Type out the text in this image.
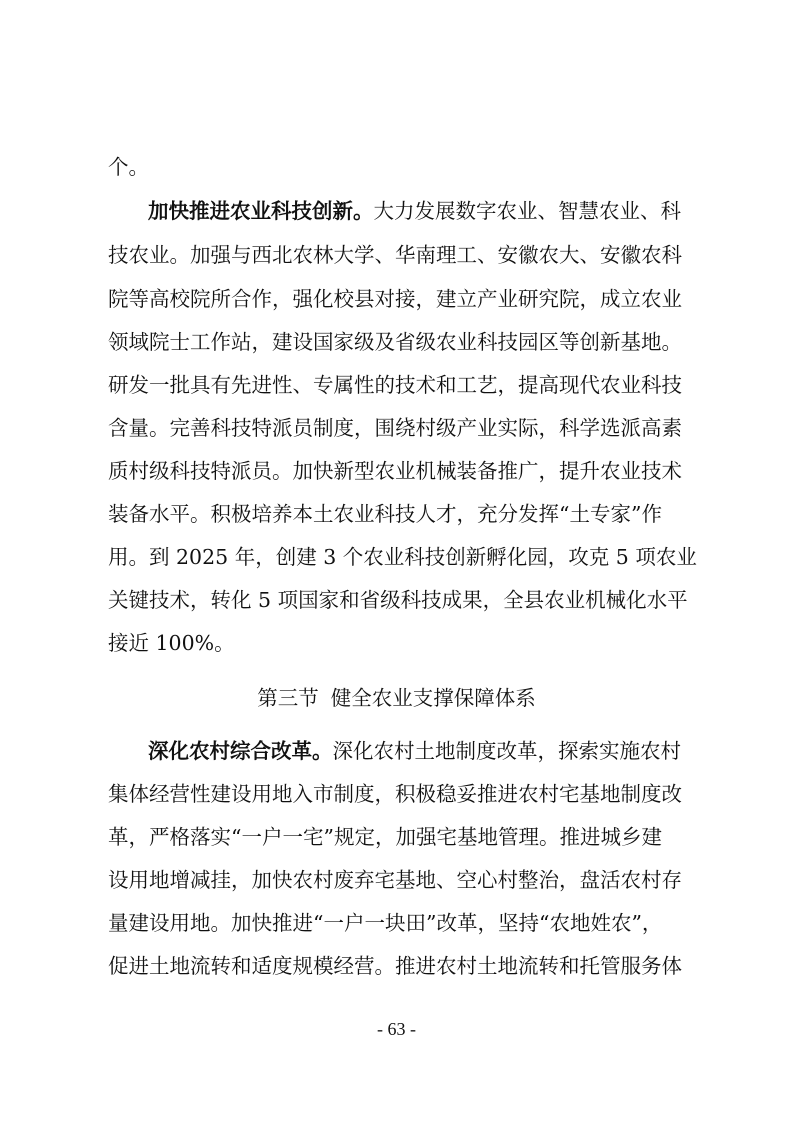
个。
加快推进农业科技创新。大力发展数字农业、智慧农业、科
技农业。加强与西北农林大学、华南理工、安徽农大、安徽农科
院等高校院所合作，强化校县对接，建立产业研究院，成立农业
领域院士工作站，建设国家级及省级农业科技园区等创新基地。
研发一批具有先进性、专属性的技术和工艺，提高现代农业科技
含量。完善科技特派员制度，围绕村级产业实际，科学选派高素
质村级科技特派员。加快新型农业机械装备推广，提升农业技术
装备水平。积极培养本土农业科技人才，充分发挥“土专家”作
用。到 2025 年，创建 3 个农业科技创新孵化园，攻克 5 项农业
关键技术，转化 5 项国家和省级科技成果，全县农业机械化水平
接近 100%。
第三节 健全农业支撑保障体系
深化农村综合改革。深化农村土地制度改革，探索实施农村
集体经营性建设用地入市制度，积极稳妥推进农村宅基地制度改
革，严格落实“一户一宅”规定，加强宅基地管理。推进城乡建
设用地增减挂，加快农村废弃宅基地、空心村整治，盘活农村存
量建设用地。加快推进“一户一块田”改革，坚持“农地姓农”，
促进土地流转和适度规模经营。推进农村土地流转和托管服务体
- 63 -
